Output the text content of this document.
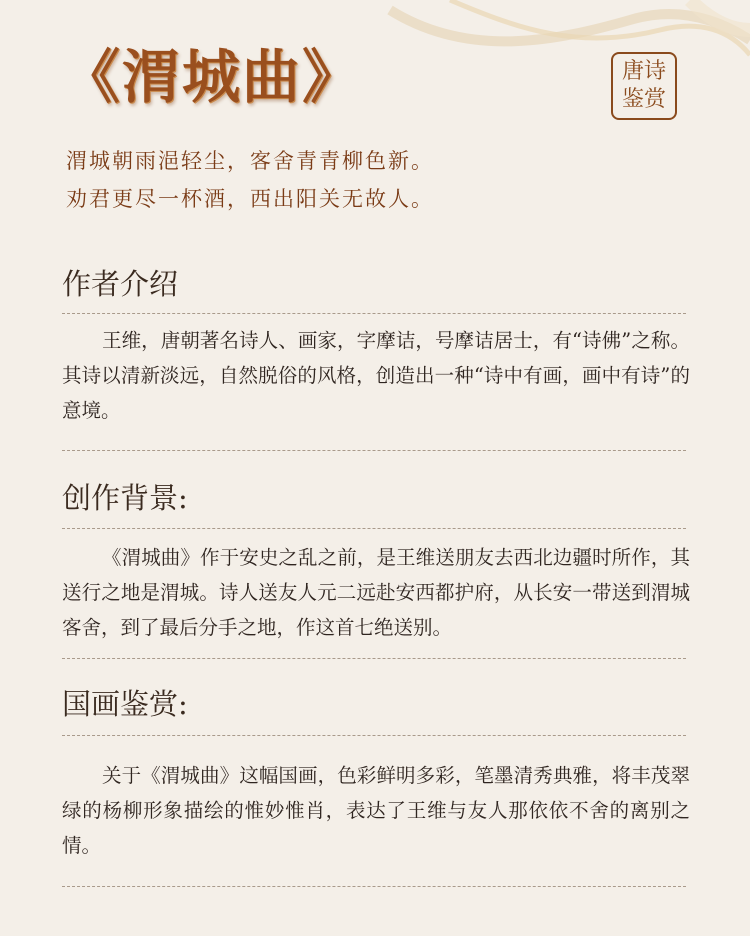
《渭城曲》	唐诗
鉴赏
渭城朝雨浥轻尘，客舍青青柳色新。
劝君更尽一杯酒，西出阳关无故人。
作者介绍
王维，唐朝著名诗人、画家，字摩诘，号摩诘居士，有“诗佛”之称。其诗以清新淡远，自然脱俗的风格，创造出一种“诗中有画，画中有诗”的意境。
创作背景:
《渭城曲》作于安史之乱之前，是王维送朋友去西北边疆时所作，其送行之地是渭城。诗人送友人元二远赴安西都护府，从长安一带送到渭城客舍，到了最后分手之地，作这首七绝送别。
国画鉴赏:
关于《渭城曲》这幅国画，色彩鲜明多彩，笔墨清秀典雅，将丰茂翠绿的杨柳形象描绘的惟妙惟肖，表达了王维与友人那依依不舍的离别之情。
